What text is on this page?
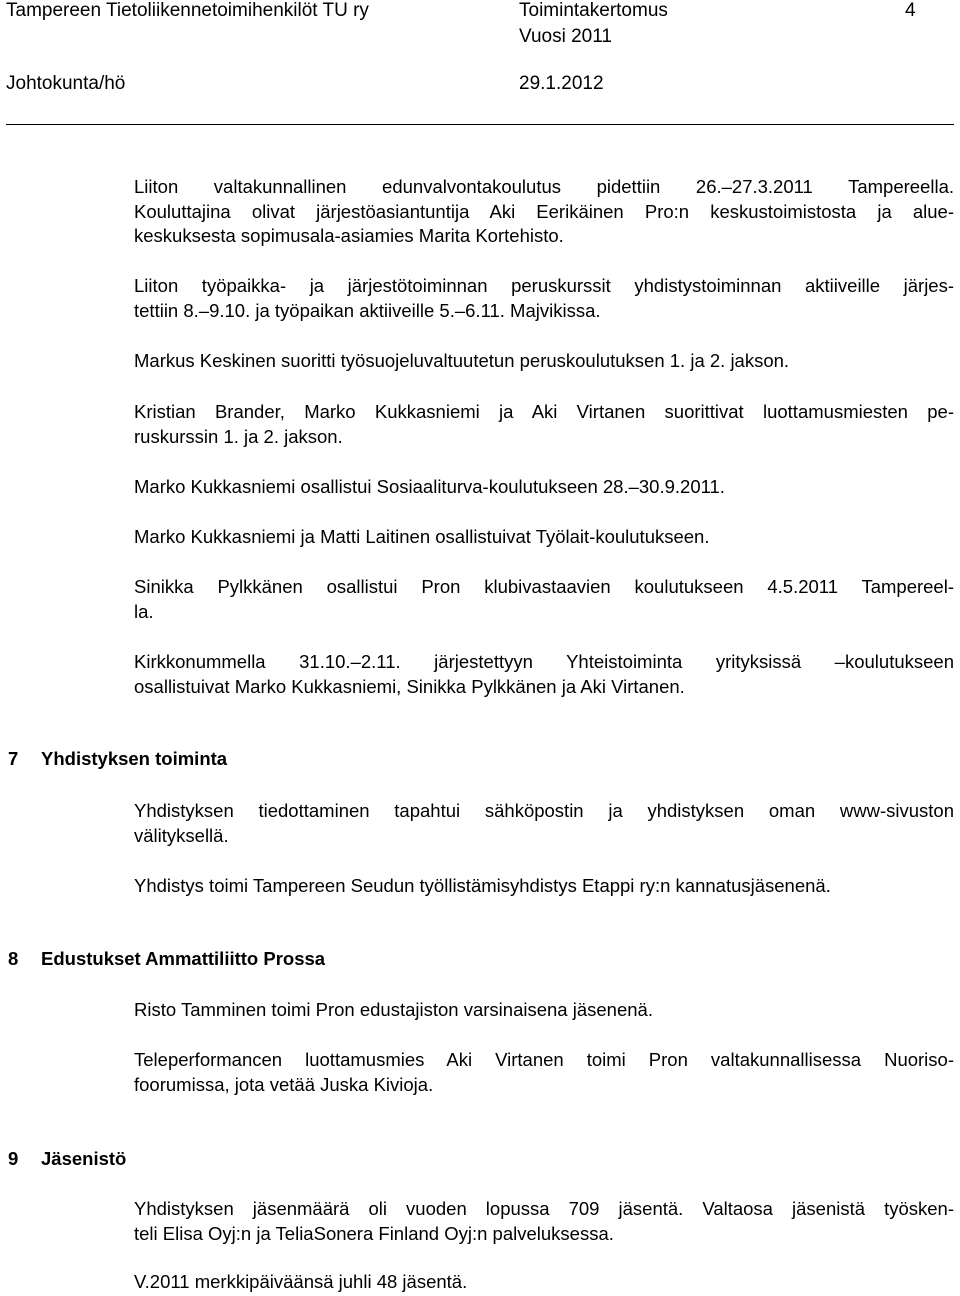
Tampereen Tietoliikennetoimihenkilöt TU ry	Toimintakertomus	4
Vuosi 2011
Johtokunta/hö	29.1.2012
Liiton valtakunnallinen edunvalvontakoulutus pidettiin 26.–27.3.2011 Tampereella.
Kouluttajina olivat järjestöasiantuntija Aki Eerikäinen Pro:n keskustoimistosta ja alue-
keskuksesta sopimusala-asiamies Marita Kortehisto.
Liiton työpaikka- ja järjestötoiminnan peruskurssit yhdistystoiminnan aktiiveille järjes-
tettiin 8.–9.10. ja työpaikan aktiiveille 5.–6.11. Majvikissa.
Markus Keskinen suoritti työsuojeluvaltuutetun peruskoulutuksen 1. ja 2. jakson.
Kristian Brander, Marko Kukkasniemi ja Aki Virtanen suorittivat luottamusmiesten pe-
ruskurssin 1. ja 2. jakson.
Marko Kukkasniemi osallistui Sosiaaliturva-koulutukseen 28.–30.9.2011.
Marko Kukkasniemi ja Matti Laitinen osallistuivat Työlait-koulutukseen.
Sinikka Pylkkänen osallistui Pron klubivastaavien koulutukseen 4.5.2011 Tampereel-
la.
Kirkkonummella 31.10.–2.11. järjestettyyn Yhteistoiminta yrityksissä –koulutukseen
osallistuivat Marko Kukkasniemi, Sinikka Pylkkänen ja Aki Virtanen.
7 Yhdistyksen toiminta
Yhdistyksen tiedottaminen tapahtui sähköpostin ja yhdistyksen oman www-sivuston
välityksellä.
Yhdistys toimi Tampereen Seudun työllistämisyhdistys Etappi ry:n kannatusjäsenenä.
8 Edustukset Ammattiliitto Prossa
Risto Tamminen toimi Pron edustajiston varsinaisena jäsenenä.
Teleperformancen luottamusmies Aki Virtanen toimi Pron valtakunnallisessa Nuoriso-
foorumissa, jota vetää Juska Kivioja.
9 Jäsenistö
Yhdistyksen jäsenmäärä oli vuoden lopussa 709 jäsentä. Valtaosa jäsenistä työsken-
teli Elisa Oyj:n ja TeliaSonera Finland Oyj:n palveluksessa.
V.2011 merkkipäiväänsä juhli 48 jäsentä.
